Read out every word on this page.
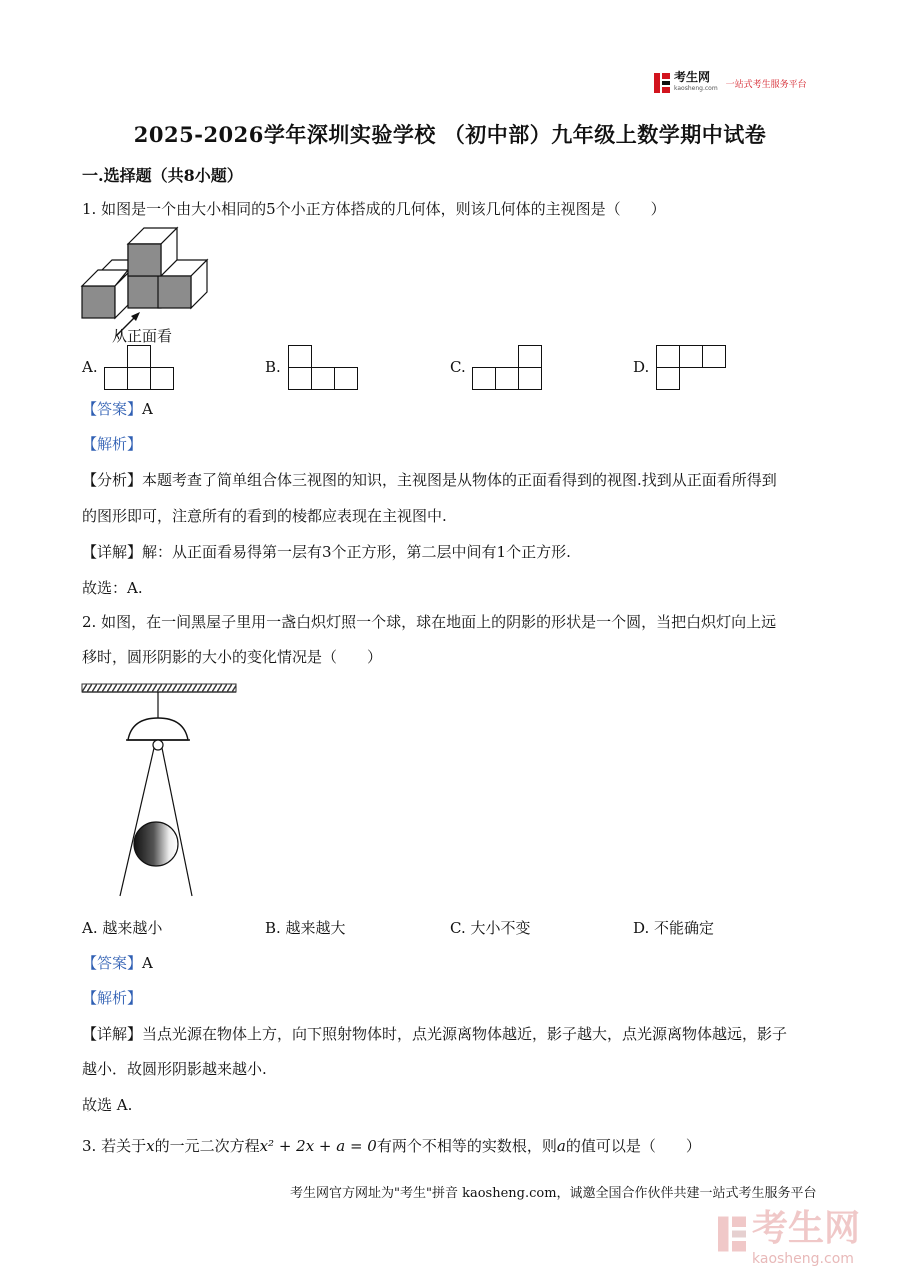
考生网
kaosheng.com 一站式考生服务平台
2025-2026学年深圳实验学校 （初中部）九年级上数学期中试卷
一.选择题（共8小题）
1. 如图是一个由大小相同的5个小正方体搭成的几何体，则该几何体的主视图是（　　）
从正面看
A.	B.	C.	D.
【答案】A
【解析】
【分析】本题考查了简单组合体三视图的知识，主视图是从物体的正面看得到的视图.找到从正面看所得到
的图形即可，注意所有的看到的棱都应表现在主视图中.
【详解】解：从正面看易得第一层有3个正方形，第二层中间有1个正方形.
故选：A.
2. 如图，在一间黑屋子里用一盏白炽灯照一个球，球在地面上的阴影的形状是一个圆，当把白炽灯向上远
移时，圆形阴影的大小的变化情况是（　　）
A. 越来越小	B. 越来越大	C. 大小不变	D. 不能确定
【答案】A
【解析】
【详解】当点光源在物体上方，向下照射物体时，点光源离物体越近，影子越大，点光源离物体越远，影子
越小．故圆形阴影越来越小.
故选 A.
3. 若关于x的一元二次方程x² + 2x + a = 0有两个不相等的实数根，则a的值可以是（　　）
考生网官方网址为"考生"拼音 kaosheng.com，诚邀全国合作伙伴共建一站式考生服务平台
考生网
kaosheng.com
